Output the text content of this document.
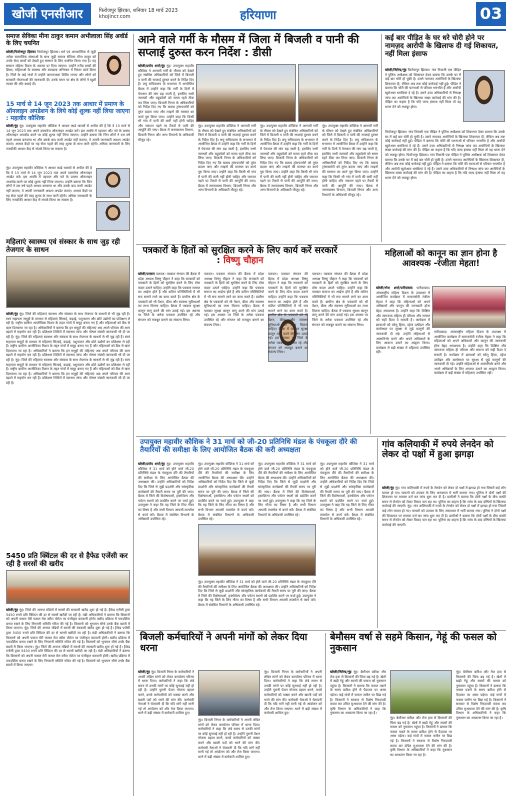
खोजी एनसीआर	फिरोजपुर झिरका, शनिवार 18 मार्च 2023
khojincr.com	हरियाणा	03
समाज सेविका मीना ठाकुर कमान अभीलाला सिंह अवॉर्ड के लिए चयनित
खोजी/फिरोजपुर झिरका फिरोजपुर झिरका। धर्म एवं आध्यात्मिक से जुड़ी अनेक सामाजिक संस्थाओं के साथ जुड़ी समाज सेविका मीना ठाकुर को उनके सेवा कार्यों को देखते हुए सम्मान के लिए चयनित किया गया है। यह सम्मान महिला दिवस के अवसर पर दिया जाएगा। उन्होंने गरीब बच्चों की शिक्षा, महिलाओं के स्वास्थ्य और स्वच्छता अभियान में निरंतर कार्य किया है। जिले के कई गांवों में उन्होंने जागरूकता शिविर लगाए और लोगों को सरकारी योजनाओं की जानकारी दी। उनके चयन पर क्षेत्र के लोगों ने खुशी व्यक्त की और बधाई दी।
15 मार्च से 14 जून 2023 तक आधार में प्रमाण के ऑनलाइन अपडेशन के लिये कोई शुल्क नहीं लिया जाएगा : महावीर कौशिक
खोजी/नूंह नूंह। उपायुक्त महावीर कौशिक ने आधार कार्ड धारकों से अपील की है कि वे 15 मार्च से 14 जून 2023 तक अपने दस्तावेज ऑनलाइन अपडेट करें। इस अवधि में पहचान और पते के प्रमाण ऑनलाइन अपलोड करने पर कोई शुल्क नहीं लिया जाएगा। उन्होंने बताया कि जिन लोगों ने दस वर्ष पहले आधार बनवाया था और उसके बाद कभी अपडेट नहीं कराया, वे अपनी जानकारी अवश्य अपडेट कराएं। आधार केंद्रों पर यह सेवा पहले की तरह शुल्क के साथ जारी रहेगी। अधिक जानकारी के लिए नजदीकी आधार केंद्र से संपर्क किया जा सकता है।
नूंह। उपायुक्त महावीर कौशिक ने आधार कार्ड धारकों से अपील की है कि वे 15 मार्च से 14 जून 2023 तक अपने दस्तावेज ऑनलाइन अपडेट करें। इस अवधि में पहचान और पते के प्रमाण ऑनलाइन अपलोड करने पर कोई शुल्क नहीं लिया जाएगा। उन्होंने बताया कि जिन लोगों ने दस वर्ष पहले आधार बनवाया था और उसके बाद कभी अपडेट नहीं कराया, वे अपनी जानकारी अवश्य अपडेट कराएं। आधार केंद्रों पर यह सेवा पहले की तरह शुल्क के साथ जारी रहेगी। अधिक जानकारी के लिए नजदीकी आधार केंद्र से संपर्क किया जा सकता है।
महिलाएं स्वास्थ्य एवं संस्कार के साथ जुड़ रही तेजगार के साधन
खोजी/नूंह नूंह। जिले की महिलाएं स्वास्थ्य और संस्कार के साथ रोजगार के साधनों से भी जुड़ रही हैं। स्वयं सहायता समूहों के माध्यम से महिलाएं सिलाई, कढ़ाई, पशुपालन और छोटे उद्योगों का प्रशिक्षण ले रही हैं। राष्ट्रीय ग्रामीण आजीविका मिशन के तहत गांवों में समूह बनाए गए हैं और महिलाओं को बैंक से ऋण दिलवाया जा रहा है। अधिकारियों ने बताया कि इन समूहों की महिलाएं अब अपने परिवार की आय बढ़ाने में सहयोग कर रही हैं। प्रशिक्षण शिविरों में स्वास्थ्य जांच और पोषण संबंधी जानकारी भी दी जा रही है। नूंह। जिले की महिलाएं स्वास्थ्य और संस्कार के साथ रोजगार के साधनों से भी जुड़ रही हैं। स्वयं सहायता समूहों के माध्यम से महिलाएं सिलाई, कढ़ाई, पशुपालन और छोटे उद्योगों का प्रशिक्षण ले रही हैं। राष्ट्रीय ग्रामीण आजीविका मिशन के तहत गांवों में समूह बनाए गए हैं और महिलाओं को बैंक से ऋण दिलवाया जा रहा है। अधिकारियों ने बताया कि इन समूहों की महिलाएं अब अपने परिवार की आय बढ़ाने में सहयोग कर रही हैं। प्रशिक्षण शिविरों में स्वास्थ्य जांच और पोषण संबंधी जानकारी भी दी जा रही है। नूंह। जिले की महिलाएं स्वास्थ्य और संस्कार के साथ रोजगार के साधनों से भी जुड़ रही हैं। स्वयं सहायता समूहों के माध्यम से महिलाएं सिलाई, कढ़ाई, पशुपालन और छोटे उद्योगों का प्रशिक्षण ले रही हैं। राष्ट्रीय ग्रामीण आजीविका मिशन के तहत गांवों में समूह बनाए गए हैं और महिलाओं को बैंक से ऋण दिलवाया जा रहा है। अधिकारियों ने बताया कि इन समूहों की महिलाएं अब अपने परिवार की आय बढ़ाने में सहयोग कर रही हैं। प्रशिक्षण शिविरों में स्वास्थ्य जांच और पोषण संबंधी जानकारी भी दी जा रही है।
5450 प्रति क्विंटल की दर से हैफेड एजेंसी कर रही है सरसों की खरीद
खोजी/नूंह नूंह। जिले की अनाज मंडियों में सरसों की सरकारी खरीद शुरू हो गई है। हैफेड एजेंसी द्वारा 5450 रुपये प्रति क्विंटल की दर से सरसों खरीदी जा रही है। मंडी अधिकारियों ने बताया कि किसानों को अपनी फसल मेरी फसल मेरा ब्यौरा पोर्टल पर पंजीकृत करवानी होगी। खरीद प्रक्रिया में पारदर्शिता बनाए रखने के लिए निगरानी समिति गठित की गई है। किसानों को भुगतान सीधे उनके बैंक खातों में किया जाएगा। नूंह। जिले की अनाज मंडियों में सरसों की सरकारी खरीद शुरू हो गई है। हैफेड एजेंसी द्वारा 5450 रुपये प्रति क्विंटल की दर से सरसों खरीदी जा रही है। मंडी अधिकारियों ने बताया कि किसानों को अपनी फसल मेरी फसल मेरा ब्यौरा पोर्टल पर पंजीकृत करवानी होगी। खरीद प्रक्रिया में पारदर्शिता बनाए रखने के लिए निगरानी समिति गठित की गई है। किसानों को भुगतान सीधे उनके बैंक खातों में किया जाएगा। नूंह। जिले की अनाज मंडियों में सरसों की सरकारी खरीद शुरू हो गई है। हैफेड एजेंसी द्वारा 5450 रुपये प्रति क्विंटल की दर से सरसों खरीदी जा रही है। मंडी अधिकारियों ने बताया कि किसानों को अपनी फसल मेरी फसल मेरा ब्यौरा पोर्टल पर पंजीकृत करवानी होगी। खरीद प्रक्रिया में पारदर्शिता बनाए रखने के लिए निगरानी समिति गठित की गई है। किसानों को भुगतान सीधे उनके बैंक खातों में किया जाएगा।
आने वाले गर्मी के मौसम में जिला में बिजली व पानी की सप्लाई दुरुस्त करन निर्देश : डीसी
खोजी/प्रमोद शर्मा/नूंह नूंह। उपायुक्त महावीर कौशिक ने आगामी गर्मी के मौसम को देखते हुए संबंधित अधिकारियों को जिले में बिजली व पानी की सप्लाई दुरुस्त करने के निर्देश दिए हैं। लघु सचिवालय के सभागार में आयोजित बैठक में उन्होंने कहा कि गर्मी के दिनों में पेयजल की मांग बढ़ जाती है, इसलिए सभी जलघरों और ट्यूबवेलों को समय रहते ठीक कर लिया जाए। बिजली निगम के अधिकारियों को निर्देश दिए गए कि खराब ट्रांसफार्मरों को तुरंत बदला जाए और लाइनों की मरम्मत का कार्य पूरा किया जाए। उन्होंने कहा कि किसी भी गांव में पानी की कमी नहीं होनी चाहिए और जरूरत पड़ने पर टैंकरों से पानी की आपूर्ति की जाए। बैठक में जनस्वास्थ्य विभाग, बिजली निगम और अन्य विभागों के अधिकारी मौजूद रहे।
नूंह। उपायुक्त महावीर कौशिक ने आगामी गर्मी के मौसम को देखते हुए संबंधित अधिकारियों को जिले में बिजली व पानी की सप्लाई दुरुस्त करने के निर्देश दिए हैं। लघु सचिवालय के सभागार में आयोजित बैठक में उन्होंने कहा कि गर्मी के दिनों में पेयजल की मांग बढ़ जाती है, इसलिए सभी जलघरों और ट्यूबवेलों को समय रहते ठीक कर लिया जाए। बिजली निगम के अधिकारियों को निर्देश दिए गए कि खराब ट्रांसफार्मरों को तुरंत बदला जाए और लाइनों की मरम्मत का कार्य पूरा किया जाए। उन्होंने कहा कि किसी भी गांव में पानी की कमी नहीं होनी चाहिए और जरूरत पड़ने पर टैंकरों से पानी की आपूर्ति की जाए। बैठक में जनस्वास्थ्य विभाग, बिजली निगम और अन्य विभागों के अधिकारी मौजूद रहे।
नूंह। उपायुक्त महावीर कौशिक ने आगामी गर्मी के मौसम को देखते हुए संबंधित अधिकारियों को जिले में बिजली व पानी की सप्लाई दुरुस्त करने के निर्देश दिए हैं। लघु सचिवालय के सभागार में आयोजित बैठक में उन्होंने कहा कि गर्मी के दिनों में पेयजल की मांग बढ़ जाती है, इसलिए सभी जलघरों और ट्यूबवेलों को समय रहते ठीक कर लिया जाए। बिजली निगम के अधिकारियों को निर्देश दिए गए कि खराब ट्रांसफार्मरों को तुरंत बदला जाए और लाइनों की मरम्मत का कार्य पूरा किया जाए। उन्होंने कहा कि किसी भी गांव में पानी की कमी नहीं होनी चाहिए और जरूरत पड़ने पर टैंकरों से पानी की आपूर्ति की जाए। बैठक में जनस्वास्थ्य विभाग, बिजली निगम और अन्य विभागों के अधिकारी मौजूद रहे।
नूंह। उपायुक्त महावीर कौशिक ने आगामी गर्मी के मौसम को देखते हुए संबंधित अधिकारियों को जिले में बिजली व पानी की सप्लाई दुरुस्त करने के निर्देश दिए हैं। लघु सचिवालय के सभागार में आयोजित बैठक में उन्होंने कहा कि गर्मी के दिनों में पेयजल की मांग बढ़ जाती है, इसलिए सभी जलघरों और ट्यूबवेलों को समय रहते ठीक कर लिया जाए। बिजली निगम के अधिकारियों को निर्देश दिए गए कि खराब ट्रांसफार्मरों को तुरंत बदला जाए और लाइनों की मरम्मत का कार्य पूरा किया जाए। उन्होंने कहा कि किसी भी गांव में पानी की कमी नहीं होनी चाहिए और जरूरत पड़ने पर टैंकरों से पानी की आपूर्ति की जाए। बैठक में जनस्वास्थ्य विभाग, बिजली निगम और अन्य विभागों के अधिकारी मौजूद रहे।
कई बार पीड़ित के घर धरे चोरी होने पर नामज़द आरोपी के खिलाफ दी गई शिकायत, नहीं मिला इंसाफ
खोजी/जितेन्द्र/नूंह फिरोजपुर झिरका। गांव निवासी एक पीड़ित ने पुलिस अधीक्षक को शिकायत देकर बताया कि उसके घर में कई बार चोरी हो चुकी है। उसने नामजद आरोपियों के खिलाफ शिकायत दी, लेकिन अब तक कोई कार्रवाई नहीं हुई। पीड़ित ने बताया कि चोरी की घटनाओं से परिवार भयभीत है और आरोपी खुलेआम धमकियां दे रहे हैं। उसने उच्च अधिकारियों से निष्पक्ष जांच कर आरोपियों के खिलाफ सख्त कार्रवाई की मांग की है। पीड़ित का कहना है कि यदि जल्द इंसाफ नहीं मिला तो वह धरना देने को मजबूर होगा।
फिरोजपुर झिरका। गांव निवासी एक पीड़ित ने पुलिस अधीक्षक को शिकायत देकर बताया कि उसके घर में कई बार चोरी हो चुकी है। उसने नामजद आरोपियों के खिलाफ शिकायत दी, लेकिन अब तक कोई कार्रवाई नहीं हुई। पीड़ित ने बताया कि चोरी की घटनाओं से परिवार भयभीत है और आरोपी खुलेआम धमकियां दे रहे हैं। उसने उच्च अधिकारियों से निष्पक्ष जांच कर आरोपियों के खिलाफ सख्त कार्रवाई की मांग की है। पीड़ित का कहना है कि यदि जल्द इंसाफ नहीं मिला तो वह धरना देने को मजबूर होगा। फिरोजपुर झिरका। गांव निवासी एक पीड़ित ने पुलिस अधीक्षक को शिकायत देकर बताया कि उसके घर में कई बार चोरी हो चुकी है। उसने नामजद आरोपियों के खिलाफ शिकायत दी, लेकिन अब तक कोई कार्रवाई नहीं हुई। पीड़ित ने बताया कि चोरी की घटनाओं से परिवार भयभीत है और आरोपी खुलेआम धमकियां दे रहे हैं। उसने उच्च अधिकारियों से निष्पक्ष जांच कर आरोपियों के खिलाफ सख्त कार्रवाई की मांग की है। पीड़ित का कहना है कि यदि जल्द इंसाफ नहीं मिला तो वह धरना देने को मजबूर होगा।
पत्रकारों के हितों को सुरक्षित करने के लिए कार्य करें सरकारें : विष्णु चौहान
खोजी/पलवल पलवल। पत्रकार संगठन की बैठक में प्रदेश अध्यक्ष विष्णु चौहान ने कहा कि सरकारों को पत्रकारों के हितों को सुरक्षित करने के लिए ठोस कदम उठाने चाहिए। उन्होंने कहा कि पत्रकार समाज का आईना होते हैं और कठिन परिस्थितियों में भी सच सामने लाने का काम करते हैं। ग्रामीण क्षेत्र के पत्रकारों को भी पेंशन, बीमा और स्वास्थ्य सुविधाओं का लाभ मिलना चाहिए। बैठक में पत्रकार सुरक्षा कानून लागू करने की मांग उठाई गई। इस अवसर पर जिले के अनेक पत्रकार उपस्थित रहे और संगठन को मजबूत बनाने का संकल्प लिया।
पलवल। पत्रकार संगठन की बैठक में प्रदेश अध्यक्ष विष्णु चौहान ने कहा कि सरकारों को पत्रकारों के हितों को सुरक्षित करने के लिए ठोस कदम उठाने चाहिए। उन्होंने कहा कि पत्रकार समाज का आईना होते हैं और कठिन परिस्थितियों में भी सच सामने लाने का काम करते हैं। ग्रामीण क्षेत्र के पत्रकारों को भी पेंशन, बीमा और स्वास्थ्य सुविधाओं का लाभ मिलना चाहिए। बैठक में पत्रकार सुरक्षा कानून लागू करने की मांग उठाई गई। इस अवसर पर जिले के अनेक पत्रकार उपस्थित रहे और संगठन को मजबूत बनाने का संकल्प लिया।
पलवल। पत्रकार संगठन की बैठक में प्रदेश अध्यक्ष विष्णु चौहान ने कहा कि सरकारों को पत्रकारों के हितों को सुरक्षित करने के लिए ठोस कदम उठाने चाहिए। उन्होंने कहा कि पत्रकार समाज का आईना होते हैं और कठिन परिस्थितियों में भी सच सामने लाने का काम करते हैं। ग्रामीण क्षेत्र के पत्रकारों को भी पेंशन, बीमा और स्वास्थ्य सुविधाओं का लाभ मिलना चाहिए। बैठक में पत्रकार सुरक्षा कानून लागू करने की मांग उठाई गई। इस अवसर पर जिले के अनेक पत्रकार उपस्थित रहे और संगठन को मजबूत बनाने का संकल्प लिया।
पलवल। पत्रकार संगठन की बैठक में प्रदेश अध्यक्ष विष्णु चौहान ने कहा कि सरकारों को पत्रकारों के हितों को सुरक्षित करने के लिए ठोस कदम उठाने चाहिए। उन्होंने कहा कि पत्रकार समाज का आईना होते हैं और कठिन परिस्थितियों में भी सच सामने लाने का काम करते हैं। ग्रामीण क्षेत्र के पत्रकारों को भी पेंशन, बीमा और स्वास्थ्य सुविधाओं का लाभ मिलना चाहिए। बैठक में पत्रकार सुरक्षा कानून लागू करने की मांग उठाई गई। इस अवसर पर जिले के अनेक पत्रकार उपस्थित रहे और संगठन को मजबूत बनाने का संकल्प लिया।
महिलाओं को कानून का ज्ञान होना है आवश्यक -रंजीता मेहता!
खोजी/नरेश शर्मा/फरीदाबाद फरीदाबाद। अंतरराष्ट्रीय महिला दिवस के उपलक्ष्य में आयोजित कार्यक्रम में समाजसेवी रंजीता मेहता ने कहा कि महिलाओं को अपने अधिकारों और कानून की जानकारी होना बेहद आवश्यक है। उन्होंने कहा कि शिक्षित और जागरूक महिला ही परिवार और समाज को सही दिशा दे सकती है। कार्यक्रम में छात्राओं को घरेलू हिंसा, दहेज उत्पीड़न और कार्यस्थल पर सुरक्षा से जुड़े कानूनों की जानकारी दी गई। उन्होंने महिलाओं से आत्मनिर्भर बनने और अपने अधिकारों के लिए आवाज उठाने का आह्वान किया। कार्यक्रम में बड़ी संख्या में महिलाएं उपस्थित रहीं।
फरीदाबाद। अंतरराष्ट्रीय महिला दिवस के उपलक्ष्य में आयोजित कार्यक्रम में समाजसेवी रंजीता मेहता ने कहा कि महिलाओं को अपने अधिकारों और कानून की जानकारी होना बेहद आवश्यक है। उन्होंने कहा कि शिक्षित और जागरूक महिला ही परिवार और समाज को सही दिशा दे सकती है। कार्यक्रम में छात्राओं को घरेलू हिंसा, दहेज उत्पीड़न और कार्यस्थल पर सुरक्षा से जुड़े कानूनों की जानकारी दी गई। उन्होंने महिलाओं से आत्मनिर्भर बनने और अपने अधिकारों के लिए आवाज उठाने का आह्वान किया। कार्यक्रम में बड़ी संख्या में महिलाएं उपस्थित रहीं।
उपायुक्त महावीर कौशिक ने 31 मार्च को जी-20 प्रतिनिधि मंडल के पंचकूला दौरे की तैयारियों की समीक्षा के लिए आयोजित बैठक की करी अध्यक्षता
खोजी/प्रमोद शर्मा/नूंह नूंह। उपायुक्त महावीर कौशिक ने 31 मार्च को होने वाले जी-20 प्रतिनिधि मंडल के पंचकूला दौरे की तैयारियों की समीक्षा के लिए आयोजित बैठक की अध्यक्षता की। उन्होंने अधिकारियों को निर्देश दिए कि जिले से जुड़ी प्रदर्शनी और सांस्कृतिक कार्यक्रमों की तैयारी समय पर पूरी की जाए। बैठक में जिले की विशेषताओं, हस्तशिल्प और पर्यटन स्थलों को प्रदर्शित करने पर चर्चा हुई। उपायुक्त ने कहा कि यह जिले के लिए गौरव का विषय है और सभी विभाग आपसी तालमेल से कार्य करें। बैठक में संबंधित विभागों के अधिकारी उपस्थित रहे।
नूंह। उपायुक्त महावीर कौशिक ने 31 मार्च को होने वाले जी-20 प्रतिनिधि मंडल के पंचकूला दौरे की तैयारियों की समीक्षा के लिए आयोजित बैठक की अध्यक्षता की। उन्होंने अधिकारियों को निर्देश दिए कि जिले से जुड़ी प्रदर्शनी और सांस्कृतिक कार्यक्रमों की तैयारी समय पर पूरी की जाए। बैठक में जिले की विशेषताओं, हस्तशिल्प और पर्यटन स्थलों को प्रदर्शित करने पर चर्चा हुई। उपायुक्त ने कहा कि यह जिले के लिए गौरव का विषय है और सभी विभाग आपसी तालमेल से कार्य करें। बैठक में संबंधित विभागों के अधिकारी उपस्थित रहे।
नूंह। उपायुक्त महावीर कौशिक ने 31 मार्च को होने वाले जी-20 प्रतिनिधि मंडल के पंचकूला दौरे की तैयारियों की समीक्षा के लिए आयोजित बैठक की अध्यक्षता की। उन्होंने अधिकारियों को निर्देश दिए कि जिले से जुड़ी प्रदर्शनी और सांस्कृतिक कार्यक्रमों की तैयारी समय पर पूरी की जाए। बैठक में जिले की विशेषताओं, हस्तशिल्प और पर्यटन स्थलों को प्रदर्शित करने पर चर्चा हुई। उपायुक्त ने कहा कि यह जिले के लिए गौरव का विषय है और सभी विभाग आपसी तालमेल से कार्य करें। बैठक में संबंधित विभागों के अधिकारी उपस्थित रहे।
नूंह। उपायुक्त महावीर कौशिक ने 31 मार्च को होने वाले जी-20 प्रतिनिधि मंडल के पंचकूला दौरे की तैयारियों की समीक्षा के लिए आयोजित बैठक की अध्यक्षता की। उन्होंने अधिकारियों को निर्देश दिए कि जिले से जुड़ी प्रदर्शनी और सांस्कृतिक कार्यक्रमों की तैयारी समय पर पूरी की जाए। बैठक में जिले की विशेषताओं, हस्तशिल्प और पर्यटन स्थलों को प्रदर्शित करने पर चर्चा हुई। उपायुक्त ने कहा कि यह जिले के लिए गौरव का विषय है और सभी विभाग आपसी तालमेल से कार्य करें। बैठक में संबंधित विभागों के अधिकारी उपस्थित रहे।
नूंह। उपायुक्त महावीर कौशिक ने 31 मार्च को होने वाले जी-20 प्रतिनिधि मंडल के पंचकूला दौरे की तैयारियों की समीक्षा के लिए आयोजित बैठक की अध्यक्षता की। उन्होंने अधिकारियों को निर्देश दिए कि जिले से जुड़ी प्रदर्शनी और सांस्कृतिक कार्यक्रमों की तैयारी समय पर पूरी की जाए। बैठक में जिले की विशेषताओं, हस्तशिल्प और पर्यटन स्थलों को प्रदर्शित करने पर चर्चा हुई। उपायुक्त ने कहा कि यह जिले के लिए गौरव का विषय है और सभी विभाग आपसी तालमेल से कार्य करें। बैठक में संबंधित विभागों के अधिकारी उपस्थित रहे।
गांव कलियाकी में रुपये लेनदेन को लेकर दो पक्षों में हुआ झगड़ा
खोजी/नूंह नूंह। गांव कलियाकी में रुपये के लेनदेन को लेकर दो पक्षों में झगड़ा हो गया जिसमें कई लोग घायल हो गए। घायलों को उपचार के लिए अस्पताल में भर्ती कराया गया। पुलिस ने दोनों पक्षों की शिकायत पर मामला दर्ज कर जांच शुरू कर दी है। ग्रामीणों ने बताया कि दोनों पक्षों के बीच काफी समय से लेनदेन को लेकर विवाद चल रहा था। पुलिस का कहना है कि जांच के बाद दोषियों के खिलाफ कार्रवाई की जाएगी। नूंह। गांव कलियाकी में रुपये के लेनदेन को लेकर दो पक्षों में झगड़ा हो गया जिसमें कई लोग घायल हो गए। घायलों को उपचार के लिए अस्पताल में भर्ती कराया गया। पुलिस ने दोनों पक्षों की शिकायत पर मामला दर्ज कर जांच शुरू कर दी है। ग्रामीणों ने बताया कि दोनों पक्षों के बीच काफी समय से लेनदेन को लेकर विवाद चल रहा था। पुलिस का कहना है कि जांच के बाद दोषियों के खिलाफ कार्रवाई की जाएगी।
बिजली कर्मचारियों ने अपनी मांगों को लेकर दिया धरना
खोजी/नूंह नूंह। बिजली निगम के कर्मचारियों ने अपनी लंबित मांगों को लेकर कार्यालय परिसर में धरना दिया। कर्मचारियों ने कहा कि लंबे समय से उनकी मांगों पर कोई सुनवाई नहीं हो रही है। उन्होंने पुरानी पेंशन योजना बहाल करने, कच्चे कर्मचारियों को पक्का करने और खाली पदों को भरने की मांग की। कर्मचारी नेताओं ने चेतावनी दी कि यदि मांगें नहीं मानी गईं तो आंदोलन को और तेज किया जाएगा। धरने में बड़ी संख्या में कर्मचारी शामिल हुए।
नूंह। बिजली निगम के कर्मचारियों ने अपनी लंबित मांगों को लेकर कार्यालय परिसर में धरना दिया। कर्मचारियों ने कहा कि लंबे समय से उनकी मांगों पर कोई सुनवाई नहीं हो रही है। उन्होंने पुरानी पेंशन योजना बहाल करने, कच्चे कर्मचारियों को पक्का करने और खाली पदों को भरने की मांग की। कर्मचारी नेताओं ने चेतावनी दी कि यदि मांगें नहीं मानी गईं तो आंदोलन को और तेज किया जाएगा। धरने में बड़ी संख्या में कर्मचारी शामिल हुए।
नूंह। बिजली निगम के कर्मचारियों ने अपनी लंबित मांगों को लेकर कार्यालय परिसर में धरना दिया। कर्मचारियों ने कहा कि लंबे समय से उनकी मांगों पर कोई सुनवाई नहीं हो रही है। उन्होंने पुरानी पेंशन योजना बहाल करने, कच्चे कर्मचारियों को पक्का करने और खाली पदों को भरने की मांग की। कर्मचारी नेताओं ने चेतावनी दी कि यदि मांगें नहीं मानी गईं तो आंदोलन को और तेज किया जाएगा। धरने में बड़ी संख्या में कर्मचारी शामिल हुए।
बेमौसम वर्षा से सहमे किसान, गेहूं की फसल को नुकसान
खोजी/जितेन्द्र/नूंह नूंह। बेमौसम बारिश और तेज हवा से किसानों की चिंता बढ़ गई है। खेतों में खड़ी गेहूं और सरसों की फसल को नुकसान पहुंचा है। किसानों ने बताया कि फसल पकने के समय बारिश होने से पैदावार पर असर पड़ेगा। कई गांवों में फसल जमीन पर बिछ गई है। किसानों ने सरकार से विशेष गिरदावरी करवा कर उचित मुआवजा देने की मांग की है। कृषि विभाग के अधिकारियों ने कहा कि नुकसान का आकलन किया जा रहा है।
नूंह। बेमौसम बारिश और तेज हवा से किसानों की चिंता बढ़ गई है। खेतों में खड़ी गेहूं और सरसों की फसल को नुकसान पहुंचा है। किसानों ने बताया कि फसल पकने के समय बारिश होने से पैदावार पर असर पड़ेगा। कई गांवों में फसल जमीन पर बिछ गई है। किसानों ने सरकार से विशेष गिरदावरी करवा कर उचित मुआवजा देने की मांग की है। कृषि विभाग के अधिकारियों ने कहा कि नुकसान का आकलन किया जा रहा है।
नूंह। बेमौसम बारिश और तेज हवा से किसानों की चिंता बढ़ गई है। खेतों में खड़ी गेहूं और सरसों की फसल को नुकसान पहुंचा है। किसानों ने बताया कि फसल पकने के समय बारिश होने से पैदावार पर असर पड़ेगा। कई गांवों में फसल जमीन पर बिछ गई है। किसानों ने सरकार से विशेष गिरदावरी करवा कर उचित मुआवजा देने की मांग की है। कृषि विभाग के अधिकारियों ने कहा कि नुकसान का आकलन किया जा रहा है।
